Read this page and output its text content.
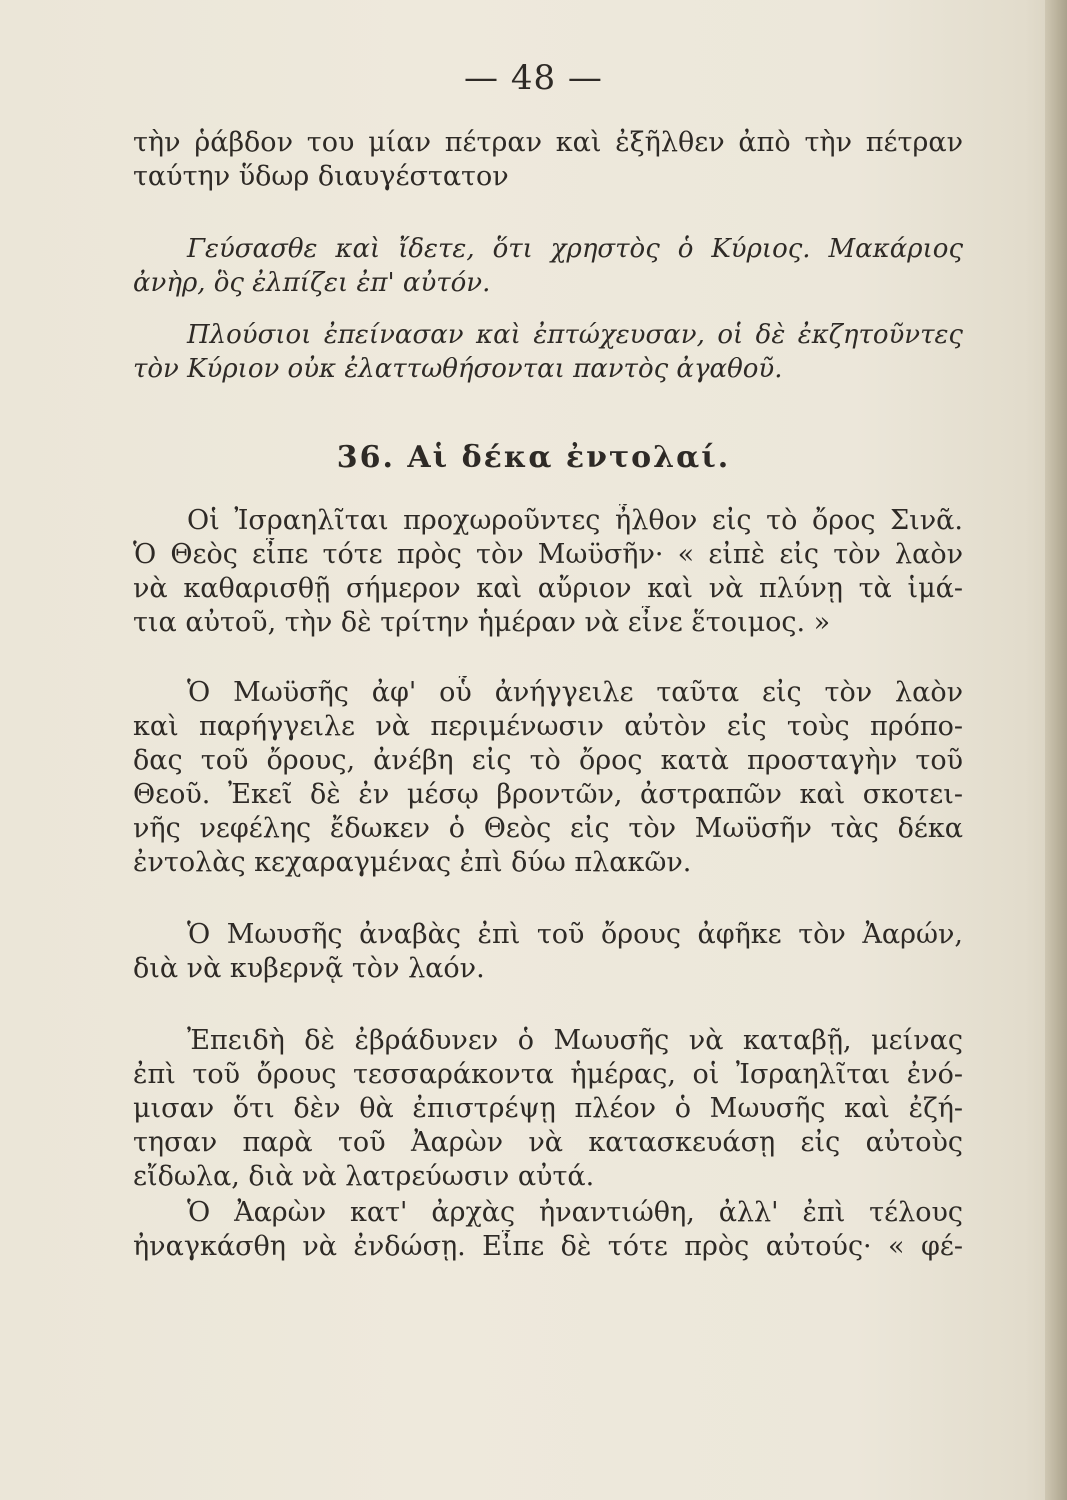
— 48 —
τὴν ῥάβδον του μίαν πέτραν καὶ ἐξῆλθεν ἀπὸ τὴν πέτραν
ταύτην ὕδωρ διαυγέστατον
Γεύσασθε καὶ ἴδετε, ὅτι χρηστὸς ὁ Κύριος. Μακάριος
ἀνὴρ, ὃς ἐλπίζει ἐπ' αὐτόν.
Πλούσιοι ἐπείνασαν καὶ ἐπτώχευσαν, οἱ δὲ ἐκζητοῦντες
τὸν Κύριον οὐκ ἐλαττωθήσονται παντὸς ἀγαθοῦ.
36. Αἱ δέκα ἐντολαί.
Οἱ Ἰσραηλῖται προχωροῦντες ἦλθον εἰς τὸ ὄρος Σινᾶ.
Ὁ Θεὸς εἶπε τότε πρὸς τὸν Μωϋσῆν· « εἰπὲ εἰς τὸν λαὸν
νὰ καθαρισθῇ σήμερον καὶ αὔριον καὶ νὰ πλύνῃ τὰ ἱμά-
τια αὐτοῦ, τὴν δὲ τρίτην ἡμέραν νὰ εἶνε ἕτοιμος. »
Ὁ Μωϋσῆς ἀφ' οὗ ἀνήγγειλε ταῦτα εἰς τὸν λαὸν
καὶ παρήγγειλε νὰ περιμένωσιν αὐτὸν εἰς τοὺς πρόπο-
δας τοῦ ὄρους, ἀνέβη εἰς τὸ ὄρος κατὰ προσταγὴν τοῦ
Θεοῦ. Ἐκεῖ δὲ ἐν μέσῳ βροντῶν, ἀστραπῶν καὶ σκοτει-
νῆς νεφέλης ἔδωκεν ὁ Θεὸς εἰς τὸν Μωϋσῆν τὰς δέκα
ἐντολὰς κεχαραγμένας ἐπὶ δύω πλακῶν.
Ὁ Μωυσῆς ἀναβὰς ἐπὶ τοῦ ὄρους ἀφῆκε τὸν Ἀαρών,
διὰ νὰ κυβερνᾷ τὸν λαόν.
Ἐπειδὴ δὲ ἐβράδυνεν ὁ Μωυσῆς νὰ καταβῇ, μείνας
ἐπὶ τοῦ ὄρους τεσσαράκοντα ἡμέρας, οἱ Ἰσραηλῖται ἐνό-
μισαν ὅτι δὲν θὰ ἐπιστρέψῃ πλέον ὁ Μωυσῆς καὶ ἐζή-
τησαν παρὰ τοῦ Ἀαρὼν νὰ κατασκευάσῃ εἰς αὐτοὺς
εἴδωλα, διὰ νὰ λατρεύωσιν αὐτά.
Ὁ Ἀαρὼν κατ' ἀρχὰς ἠναντιώθη, ἀλλ' ἐπὶ τέλους
ἠναγκάσθη νὰ ἐνδώσῃ. Εἶπε δὲ τότε πρὸς αὐτούς· « φέ-
